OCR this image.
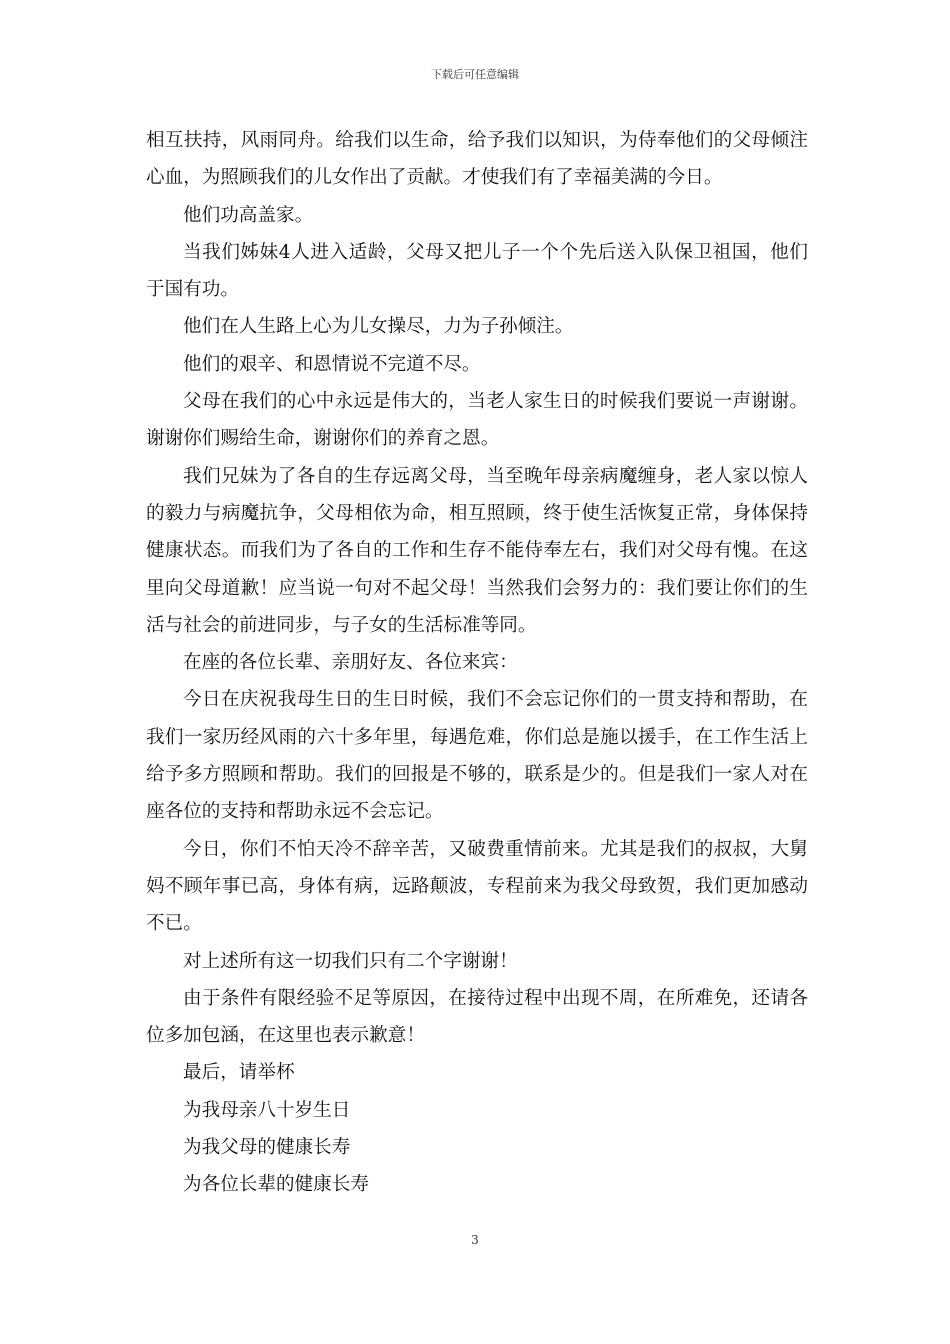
下载后可任意编辑

相互扶持，风雨同舟。给我们以生命，给予我们以知识，为侍奉他们的父母倾注心血，为照顾我们的儿女作出了贡献。才使我们有了幸福美满的今日。

他们功高盖家。

当我们姊妹4人进入适龄，父母又把儿子一个个先后送入队保卫祖国，他们于国有功。

他们在人生路上心为儿女操尽，力为子孙倾注。

他们的艰辛、和恩情说不完道不尽。

父母在我们的心中永远是伟大的，当老人家生日的时候我们要说一声谢谢。谢谢你们赐给生命，谢谢你们的养育之恩。

我们兄妹为了各自的生存远离父母，当至晚年母亲病魔缠身，老人家以惊人的毅力与病魔抗争，父母相依为命，相互照顾，终于使生活恢复正常，身体保持健康状态。而我们为了各自的工作和生存不能侍奉左右，我们对父母有愧。在这里向父母道歉！应当说一句对不起父母！当然我们会努力的：我们要让你们的生活与社会的前进同步，与子女的生活标准等同。

在座的各位长辈、亲朋好友、各位来宾：

今日在庆祝我母生日的生日时候，我们不会忘记你们的一贯支持和帮助，在我们一家历经风雨的六十多年里，每遇危难，你们总是施以援手，在工作生活上给予多方照顾和帮助。我们的回报是不够的，联系是少的。但是我们一家人对在座各位的支持和帮助永远不会忘记。

今日，你们不怕天冷不辞辛苦，又破费重情前来。尤其是我们的叔叔，大舅妈不顾年事已高，身体有病，远路颠波，专程前来为我父母致贺，我们更加感动不已。

对上述所有这一切我们只有二个字谢谢！

由于条件有限经验不足等原因，在接待过程中出现不周，在所难免，还请各位多加包涵，在这里也表示歉意！

最后，请举杯

为我母亲八十岁生日

为我父母的健康长寿

为各位长辈的健康长寿

3
